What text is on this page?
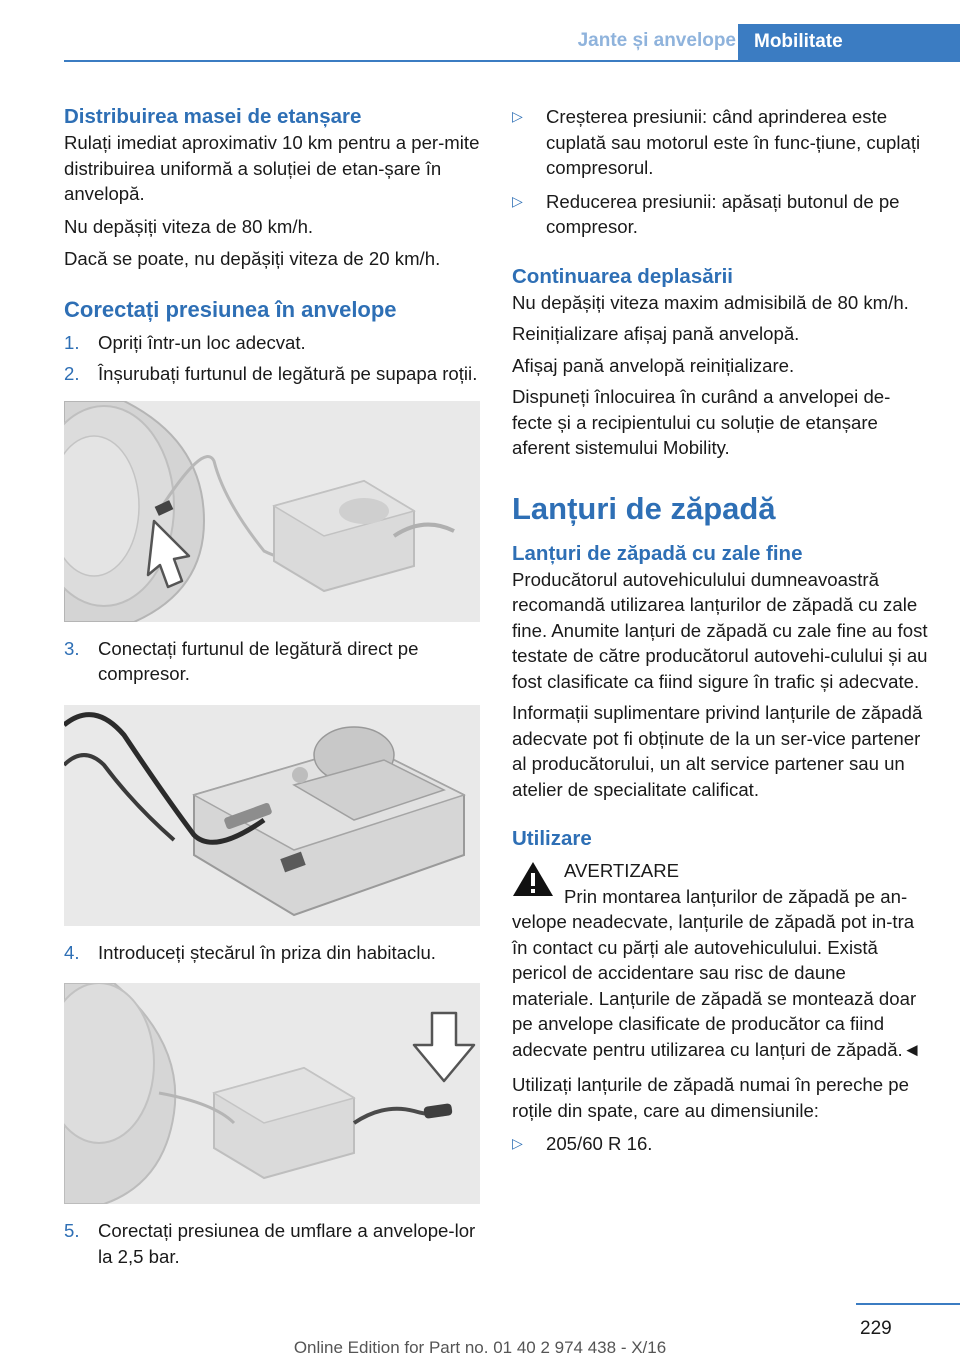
Jante și anvelope Mobilitate
Distribuirea masei de etanșare

Rulați imediat aproximativ 10 km pentru a per‐mite distribuirea uniformă a soluției de etan‐șare în anvelopă.

Nu depășiți viteza de 80 km/h.

Dacă se poate, nu depășiți viteza de 20 km/h.

Corectați presiunea în anvelope
1. Opriți într-un loc adecvat.
2. Înșurubați furtunul de legătură pe supapa roții.
3. Conectați furtunul de legătură direct pe compresor.
4. Introduceți ștecărul în priza din habitaclu.
5. Corectați presiunea de umflare a anvelope‐lor la 2,5 bar.
▷ Creșterea presiunii: când aprinderea este cuplată sau motorul este în func‐țiune, cuplați compresorul.
▷ Reducerea presiunii: apăsați butonul de pe compresor.
Continuarea deplasării

Nu depășiți viteza maxim admisibilă de 80 km/h.

Reinițializare afișaj pană anvelopă.

Afișaj pană anvelopă reinițializare.

Dispuneți înlocuirea în curând a anvelopei de‐fecte și a recipientului cu soluție de etanșare aferent sistemului Mobility.

Lanțuri de zăpadă
Lanțuri de zăpadă cu zale fine

Producătorul autovehiculului dumneavoastră recomandă utilizarea lanțurilor de zăpadă cu zale fine. Anumite lanțuri de zăpadă cu zale fine au fost testate de către producătorul autovehi‐culului și au fost clasificate ca fiind sigure în trafic și adecvate.

Informații suplimentare privind lanțurile de zăpadă adecvate pot fi obținute de la un ser‐vice partener al producătorului, un alt service partener sau un atelier de specialitate calificat.

Utilizare

AVERTIZARE

Prin montarea lanțurilor de zăpadă pe an‐

velope neadecvate, lanțurile de zăpadă pot in‐tra în contact cu părți ale autovehiculului. Există pericol de accidentare sau risc de daune materiale. Lanțurile de zăpadă se montează doar pe anvelope clasificate de producător ca fiind adecvate pentru utilizarea cu lanțuri de zăpadă.◄

Utilizați lanțurile de zăpadă numai în pereche pe roțile din spate, care au dimensiunile:

▷ 205/60 R 16.
229
Online Edition for Part no. 01 40 2 974 438 - X/16
